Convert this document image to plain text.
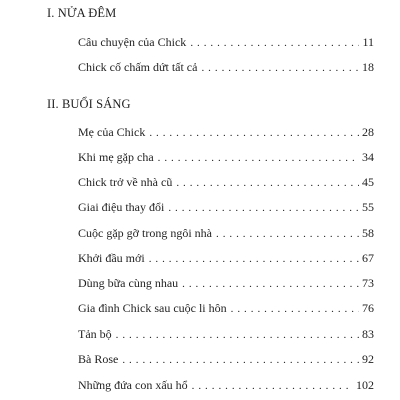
I. NỬA ĐÊM
Câu chuyện của Chick . . .	11
Chick cố chấm dứt tất cả . . .	18
II. BUỔI SÁNG
Mẹ của Chick . . .	28
Khi mẹ gặp cha . . .	34
Chick trở về nhà cũ . . .	45
Giai điệu thay đổi . . .	55
Cuộc gặp gỡ trong ngôi nhà . . .	58
Khởi đầu mới . . .	67
Dùng bữa cùng nhau . . .	73
Gia đình Chick sau cuộc li hôn . . .	76
Tản bộ . . .	83
Bà Rose . . .	92
Những đứa con xấu hổ . . .	102
